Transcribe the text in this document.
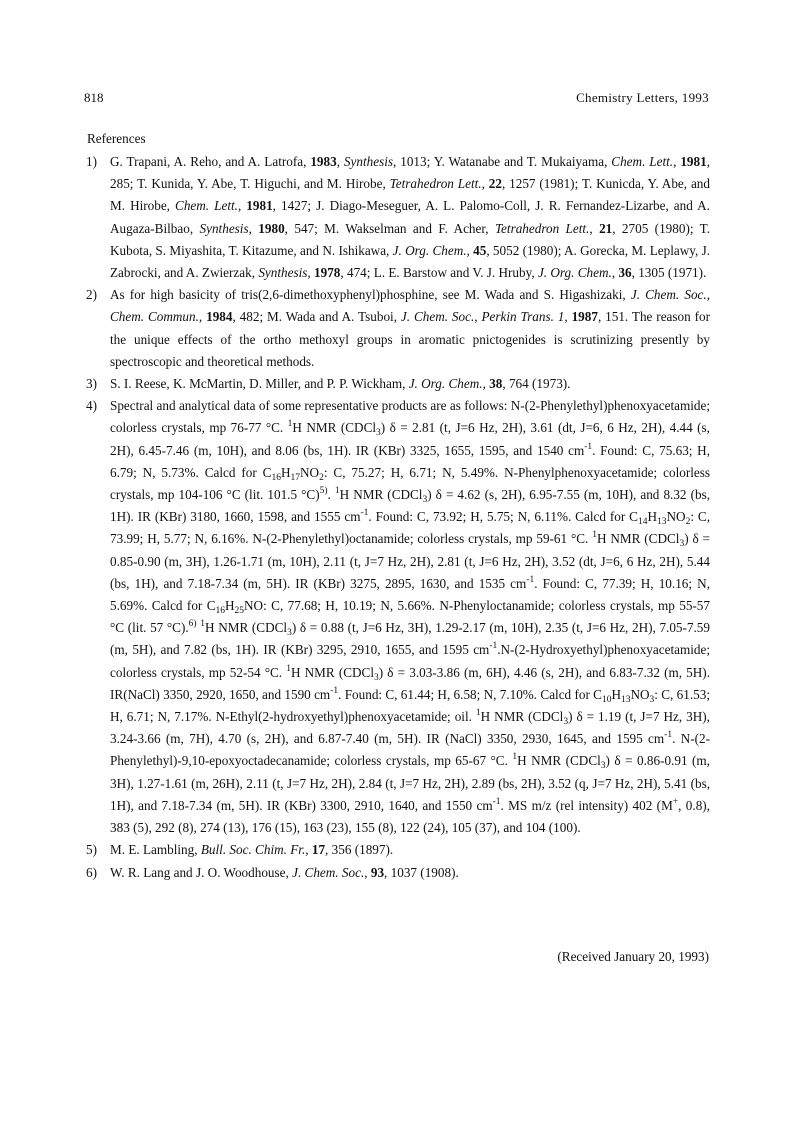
818	Chemistry Letters, 1993
References
1) G. Trapani, A. Reho, and A. Latrofa, 1983, Synthesis, 1013; Y. Watanabe and T. Mukaiyama, Chem. Lett., 1981, 285; T. Kunida, Y. Abe, T. Higuchi, and M. Hirobe, Tetrahedron Lett., 22, 1257 (1981); T. Kunicda, Y. Abe, and M. Hirobe, Chem. Lett., 1981, 1427; J. Diago-Meseguer, A. L. Palomo-Coll, J. R. Fernandez-Lizarbe, and A. Augaza-Bilbao, Synthesis, 1980, 547; M. Wakselman and F. Acher, Tetrahedron Lett., 21, 2705 (1980); T. Kubota, S. Miyashita, T. Kitazume, and N. Ishikawa, J. Org. Chem., 45, 5052 (1980); A. Gorecka, M. Leplawy, J. Zabrocki, and A. Zwierzak, Synthesis, 1978, 474; L. E. Barstow and V. J. Hruby, J. Org. Chem., 36, 1305 (1971).
2) As for high basicity of tris(2,6-dimethoxyphenyl)phosphine, see M. Wada and S. Higashizaki, J. Chem. Soc., Chem. Commun., 1984, 482; M. Wada and A. Tsuboi, J. Chem. Soc., Perkin Trans. 1, 1987, 151. The reason for the unique effects of the ortho methoxyl groups in aromatic pnictogenides is scrutinizing presently by spectroscopic and theoretical methods.
3) S. I. Reese, K. McMartin, D. Miller, and P. P. Wickham, J. Org. Chem., 38, 764 (1973).
4) Spectral and analytical data of some representative products are as follows: N-(2-Phenylethyl)phenoxyacetamide; colorless crystals, mp 76-77 °C. $^1$H NMR (CDCl$_3$) δ = 2.81 (t, J=6 Hz, 2H), 3.61 (dt, J=6, 6 Hz, 2H), 4.44 (s, 2H), 6.45-7.46 (m, 10H), and 8.06 (bs, 1H). IR (KBr) 3325, 1655, 1595, and 1540 $cm^{-1}$. Found: C, 75.63; H, 6.79; N, 5.73%. Calcd for $C_{16}H_{17}NO_2$: C, 75.27; H, 6.71; N, 5.49%. N-Phenylphenoxyacetamide; colorless crystals, mp 104-106 °C (lit. 101.5 °C)$^{5)}$. $^1$H NMR (CDCl$_3$) δ = 4.62 (s, 2H), 6.95-7.55 (m, 10H), and 8.32 (bs, 1H). IR (KBr) 3180, 1660, 1598, and 1555 $cm^{-1}$. Found: C, 73.92; H, 5.75; N, 6.11%. Calcd for $C_{14}H_{13}NO_2$: C, 73.99; H, 5.77; N, 6.16%. N-(2-Phenylethyl)octanamide; colorless crystals, mp 59-61 °C. $^1$H NMR (CDCl$_3$) δ = 0.85-0.90 (m, 3H), 1.26-1.71 (m, 10H), 2.11 (t, J=7 Hz, 2H), 2.81 (t, J=6 Hz, 2H), 3.52 (dt, J=6, 6 Hz, 2H), 5.44 (bs, 1H), and 7.18-7.34 (m, 5H). IR (KBr) 3275, 2895, 1630, and 1535 $cm^{-1}$. Found: C, 77.39; H, 10.16; N, 5.69%. Calcd for $C_{16}H_{25}NO$: C, 77.68; H, 10.19; N, 5.66%. N-Phenyloctanamide; colorless crystals, mp 55-57 °C (lit. 57 °C).$^{6)}$ $^1$H NMR (CDCl$_3$) δ = 0.88 (t, J=6 Hz, 3H), 1.29-2.17 (m, 10H), 2.35 (t, J=6 Hz, 2H), 7.05-7.59 (m, 5H), and 7.82 (bs, 1H). IR (KBr) 3295, 2910, 1655, and 1595 $cm^{-1}.N-(2-Hydroxyethyl)phenoxyacetamide$; colorless crystals, mp 52-54 °C. $^1$H NMR (CDCl$_3$) δ = 3.03-3.86 (m, 6H), 4.46 (s, 2H), and 6.83-7.32 (m, 5H). IR(NaCl) 3350, 2920, 1650, and 1590 $cm^{-1}$. Found: C, 61.44; H, 6.58; N, 7.10%. Calcd for $C_{10}H_{13}NO_3$: C, 61.53; H, 6.71; N, 7.17%. N-Ethyl(2-hydroxyethyl)phenoxyacetamide; oil. $^1$H NMR (CDCl$_3$) δ = 1.19 (t, J=7 Hz, 3H), 3.24-3.66 (m, 7H), 4.70 (s, 2H), and 6.87-7.40 (m, 5H). IR (NaCl) 3350, 2930, 1645, and 1595 $cm^{-1}$. N-(2-Phenylethyl)-9,10-epoxyoctadecanamide; colorless crystals, mp 65-67 °C. $^1$H NMR (CDCl$_3$) δ = 0.86-0.91 (m, 3H), 1.27-1.61 (m, 26H), 2.11 (t, J=7 Hz, 2H), 2.84 (t, J=7 Hz, 2H), 2.89 (bs, 2H), 3.52 (q, J=7 Hz, 2H), 5.41 (bs, 1H), and 7.18-7.34 (m, 5H). IR (KBr) 3300, 2910, 1640, and 1550 $cm^{-1}$. MS m/z (rel intensity) 402 (M+, 0.8), 383 (5), 292 (8), 274 (13), 176 (15), 163 (23), 155 (8), 122 (24), 105 (37), and 104 (100).
5) M. E. Lambling, Bull. Soc. Chim. Fr., 17, 356 (1897).
6) W. R. Lang and J. O. Woodhouse, J. Chem. Soc., 93, 1037 (1908).
(Received January 20, 1993)
